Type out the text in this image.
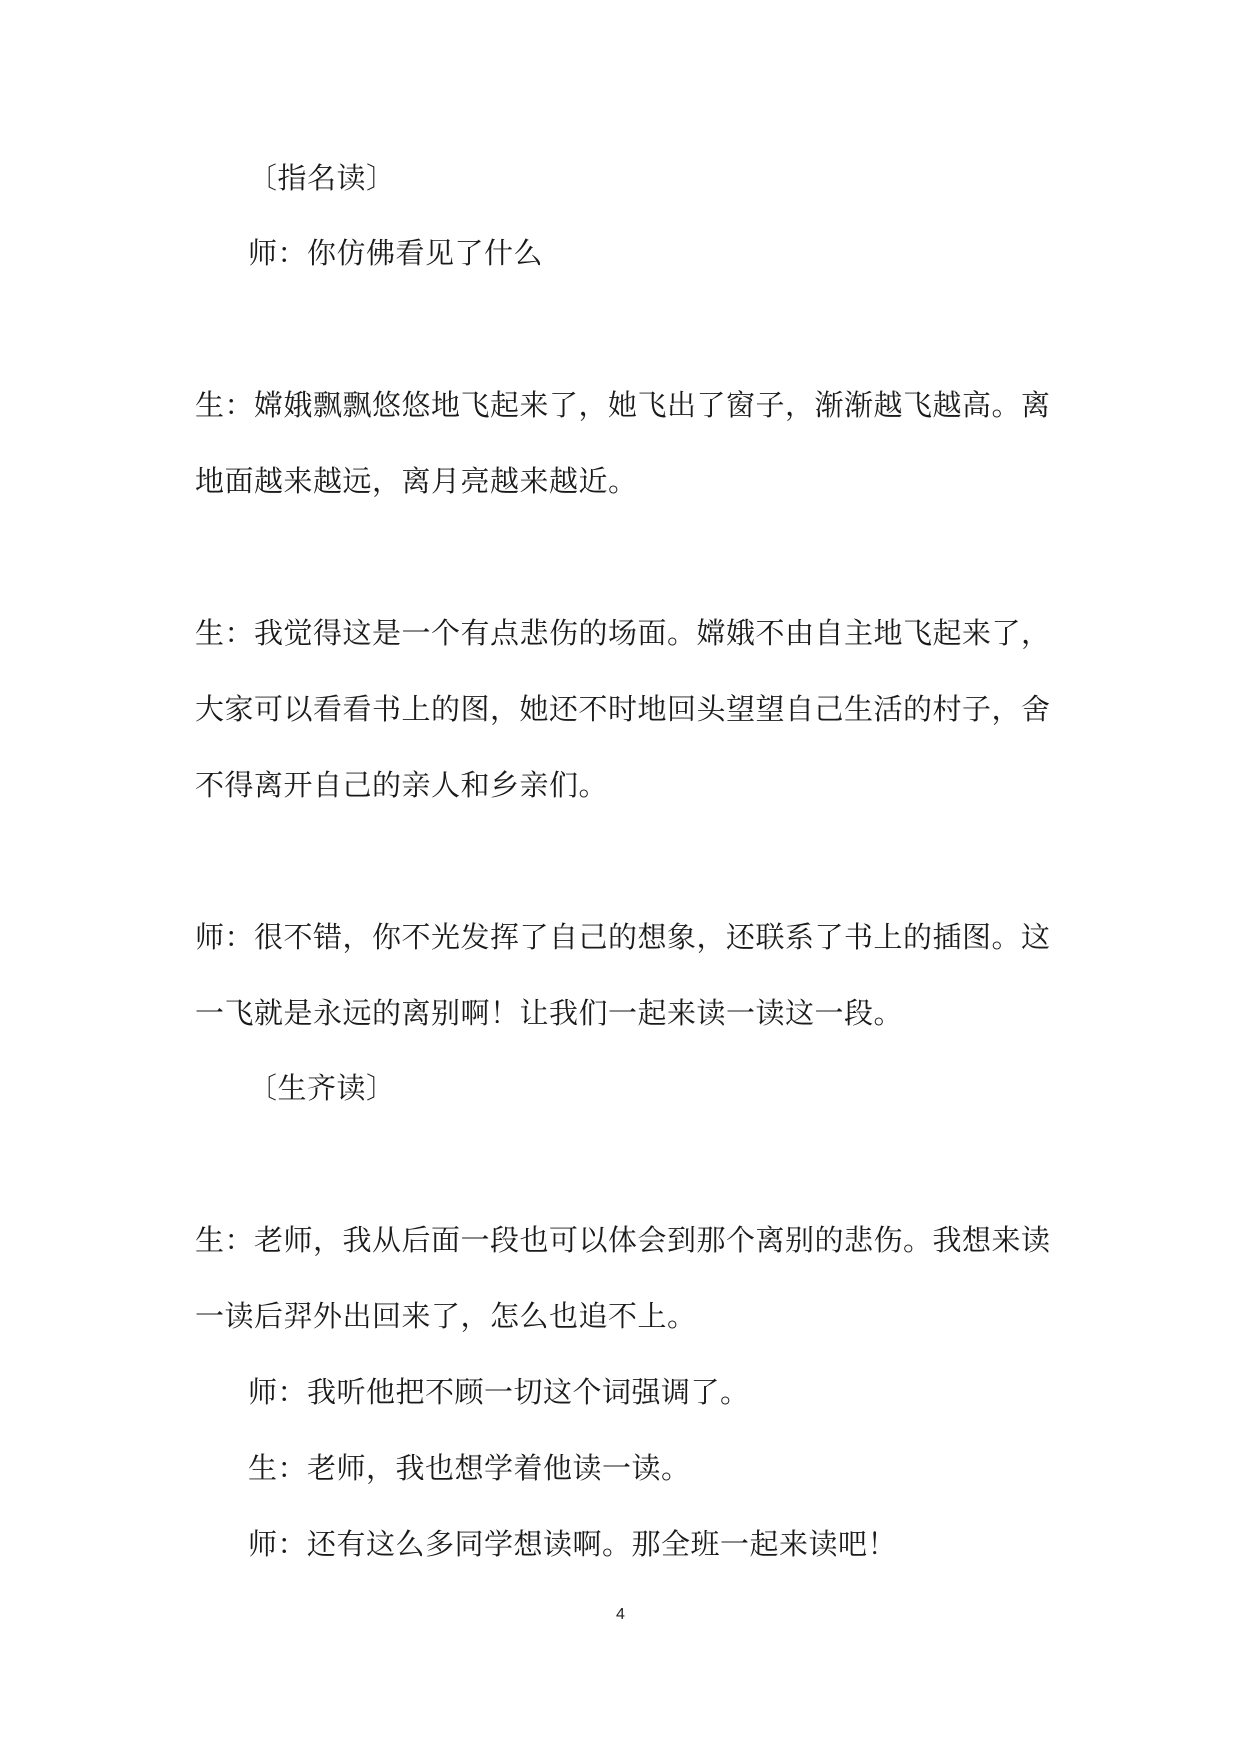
〔指名读〕
师：你仿佛看见了什么
生：嫦娥飘飘悠悠地飞起来了，她飞出了窗子，渐渐越飞越高。离
地面越来越远，离月亮越来越近。
生：我觉得这是一个有点悲伤的场面。嫦娥不由自主地飞起来了，
大家可以看看书上的图，她还不时地回头望望自己生活的村子，舍
不得离开自己的亲人和乡亲们。
师：很不错，你不光发挥了自己的想象，还联系了书上的插图。这
一飞就是永远的离别啊！让我们一起来读一读这一段。
〔生齐读〕
生：老师，我从后面一段也可以体会到那个离别的悲伤。我想来读
一读后羿外出回来了，怎么也追不上。
师：我听他把不顾一切这个词强调了。
生：老师，我也想学着他读一读。
师：还有这么多同学想读啊。那全班一起来读吧！
4
